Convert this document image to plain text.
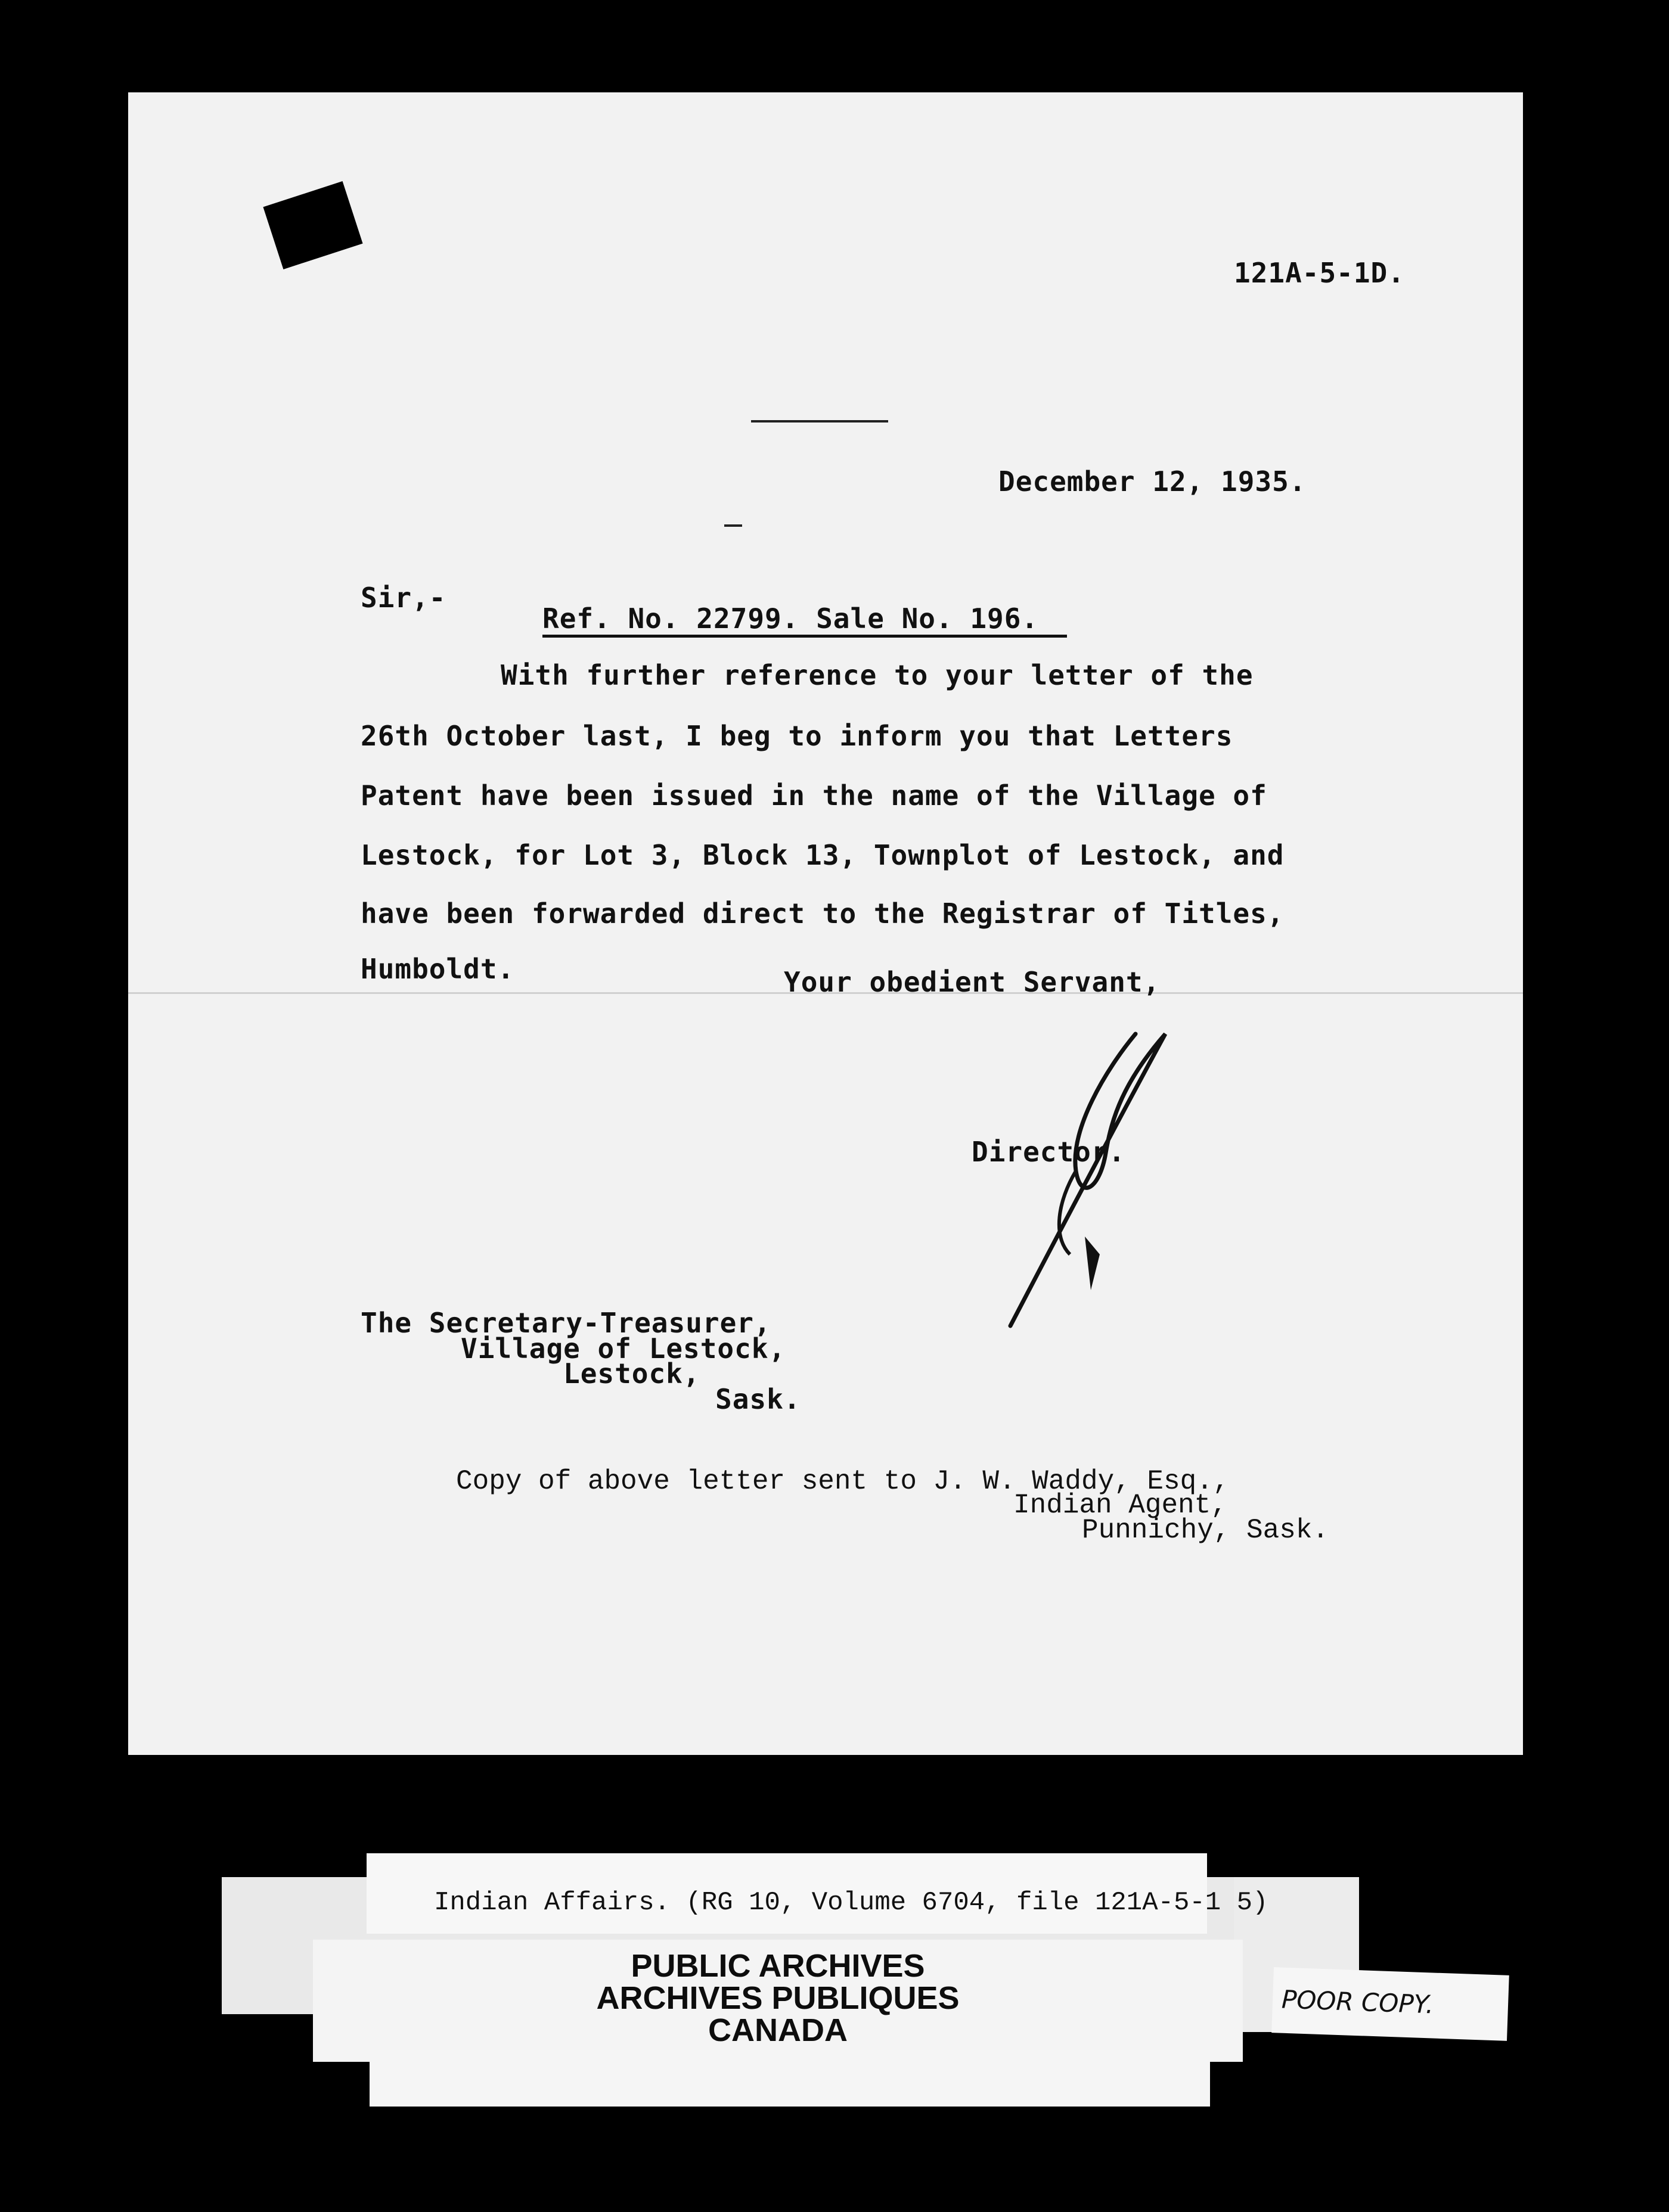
121A-5-1D.
December 12, 1935.
Sir,-
Ref. No. 22799. Sale No. 196.
With further reference to your letter of the
26th October last, I beg to inform you that Letters
Patent have been issued in the name of the Village of
Lestock, for Lot 3, Block 13, Townplot of Lestock, and
have been forwarded direct to the Registrar of Titles,
Humboldt.	Your obedient Servant,
Director.
The Secretary-Treasurer,
Village of Lestock,
Lestock,
Sask.
Copy of above letter sent to J. W. Waddy, Esq.,
Indian Agent,
Punnichy, Sask.
Indian Affairs. (RG 10, Volume 6704, file 121A-5-1 5)
PUBLIC ARCHIVES
ARCHIVES PUBLIQUES
CANADA
POOR COPY.
